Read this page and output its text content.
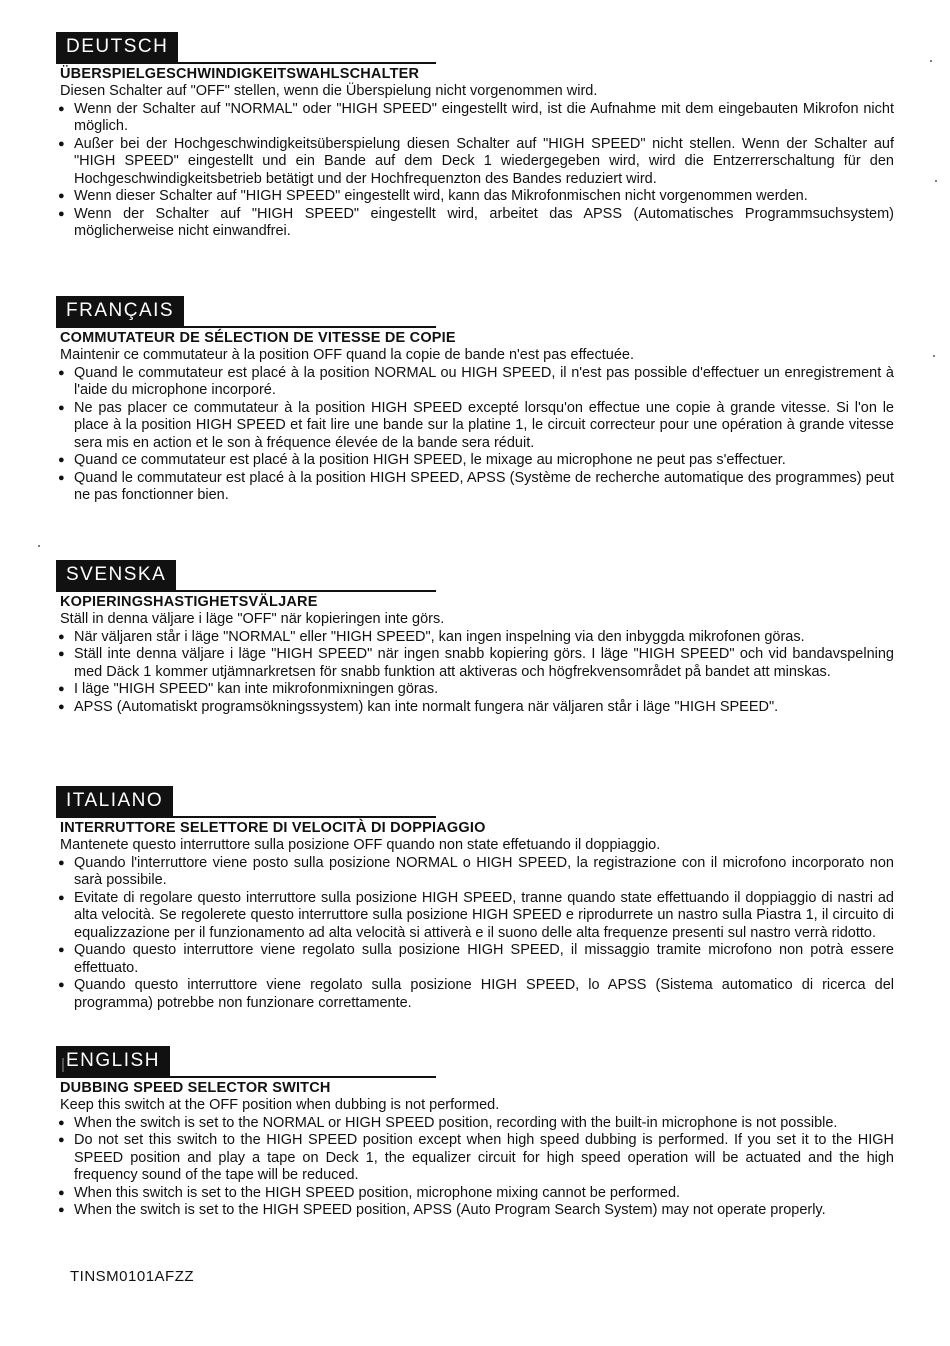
DEUTSCH
ÜBERSPIELGESCHWINDIGKEITSWAHLSCHALTER
Diesen Schalter auf "OFF" stellen, wenn die Überspielung nicht vorgenommen wird.
● Wenn der Schalter auf "NORMAL" oder "HIGH SPEED" eingestellt wird, ist die Aufnahme mit dem eingebauten Mikrofon nicht möglich.
● Außer bei der Hochgeschwindigkeitsüberspielung diesen Schalter auf "HIGH SPEED" nicht stellen. Wenn der Schalter auf "HIGH SPEED" eingestellt und ein Bande auf dem Deck 1 wiedergegeben wird, wird die Entzerrerschaltung für den Hochgeschwindigkeitsbetrieb betätigt und der Hochfrequenzton des Bandes reduziert wird.
● Wenn dieser Schalter auf "HIGH SPEED" eingestellt wird, kann das Mikrofonmischen nicht vorgenommen werden.
● Wenn der Schalter auf "HIGH SPEED" eingestellt wird, arbeitet das APSS (Automatisches Programmsuchsystem) möglicherweise nicht einwandfrei.
FRANÇAIS
COMMUTATEUR DE SÉLECTION DE VITESSE DE COPIE
Maintenir ce commutateur à la position OFF quand la copie de bande n'est pas effectuée.
● Quand le commutateur est placé à la position NORMAL ou HIGH SPEED, il n'est pas possible d'effectuer un enregistrement à l'aide du microphone incorporé.
● Ne pas placer ce commutateur à la position HIGH SPEED excepté lorsqu'on effectue une copie à grande vitesse. Si l'on le place à la position HIGH SPEED et fait lire une bande sur la platine 1, le circuit correcteur pour une opération à grande vitesse sera mis en action et le son à fréquence élevée de la bande sera réduit.
● Quand ce commutateur est placé à la position HIGH SPEED, le mixage au microphone ne peut pas s'effectuer.
● Quand le commutateur est placé à la position HIGH SPEED, APSS (Système de recherche automatique des programmes) peut ne pas fonctionner bien.
SVENSKA
KOPIERINGSHASTIGHETSVÄLJARE
Ställ in denna väljare i läge "OFF" när kopieringen inte görs.
● När väljaren står i läge "NORMAL" eller "HIGH SPEED", kan ingen inspelning via den inbyggda mikrofonen göras.
● Ställ inte denna väljare i läge "HIGH SPEED" när ingen snabb kopiering görs. I läge "HIGH SPEED" och vid bandavspelning med Däck 1 kommer utjämnarkretsen för snabb funktion att aktiveras och högfrekvensområdet på bandet att minskas.
● I läge "HIGH SPEED" kan inte mikrofonmixningen göras.
● APSS (Automatiskt programsökningssystem) kan inte normalt fungera när väljaren står i läge "HIGH SPEED".
ITALIANO
INTERRUTTORE SELETTORE DI VELOCITÀ DI DOPPIAGGIO
Mantenete questo interruttore sulla posizione OFF quando non state effetuando il doppiaggio.
● Quando l'interruttore viene posto sulla posizione NORMAL o HIGH SPEED, la registrazione con il microfono incorporato non sarà possibile.
● Evitate di regolare questo interruttore sulla posizione HIGH SPEED, tranne quando state effettuando il doppiaggio di nastri ad alta velocità. Se regolerete questo interruttore sulla posizione HIGH SPEED e riprodurrete un nastro sulla Piastra 1, il circuito di equalizzazione per il funzionamento ad alta velocità si attiverà e il suono delle alta frequenze presenti sul nastro verrà ridotto.
● Quando questo interruttore viene regolato sulla posizione HIGH SPEED, il missaggio tramite microfono non potrà essere effettuato.
● Quando questo interruttore viene regolato sulla posizione HIGH SPEED, lo APSS (Sistema automatico di ricerca del programma) potrebbe non funzionare correttamente.
ENGLISH
DUBBING SPEED SELECTOR SWITCH
Keep this switch at the OFF position when dubbing is not performed.
● When the switch is set to the NORMAL or HIGH SPEED position, recording with the built-in microphone is not possible.
● Do not set this switch to the HIGH SPEED position except when high speed dubbing is performed. If you set it to the HIGH SPEED position and play a tape on Deck 1, the equalizer circuit for high speed operation will be actuated and the high frequency sound of the tape will be reduced.
● When this switch is set to the HIGH SPEED position, microphone mixing cannot be performed.
● When the switch is set to the HIGH SPEED position, APSS (Auto Program Search System) may not operate properly.
TINSM0101AFZZ
